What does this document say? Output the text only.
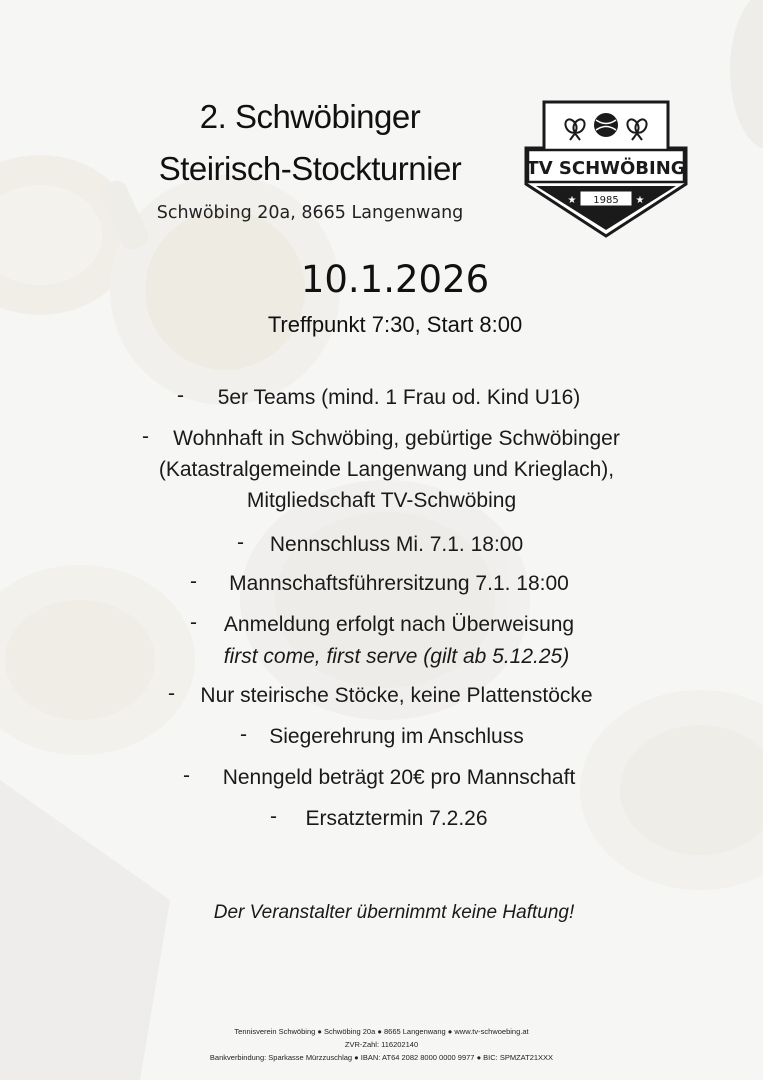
2. Schwöbinger
Steirisch-Stockturnier
Schwöbing 20a, 8665 Langenwang
★	★
TV SCHWÖBING
1985
10.1.2026
Treffpunkt 7:30, Start 8:00
-	5er Teams (mind. 1 Frau od. Kind U16)
-	Wohnhaft in Schwöbing, gebürtige Schwöbinger
(Katastralgemeinde Langenwang und Krieglach),
Mitgliedschaft TV-Schwöbing
-	Nennschluss Mi. 7.1. 18:00
-	Mannschaftsführersitzung 7.1. 18:00
-	Anmeldung erfolgt nach Überweisung
first come, first serve (gilt ab 5.12.25)
-	Nur steirische Stöcke, keine Plattenstöcke
-	Siegerehrung im Anschluss
-	Nenngeld beträgt 20€ pro Mannschaft
-	Ersatztermin 7.2.26
Der Veranstalter übernimmt keine Haftung!
Tennisverein Schwöbing ● Schwöbing 20a ● 8665 Langenwang ● www.tv-schwoebing.at
ZVR-Zahl: 116202140
Bankverbindung: Sparkasse Mürzzuschlag ● IBAN: AT64 2082 8000 0000 9977 ● BIC: SPMZAT21XXX
